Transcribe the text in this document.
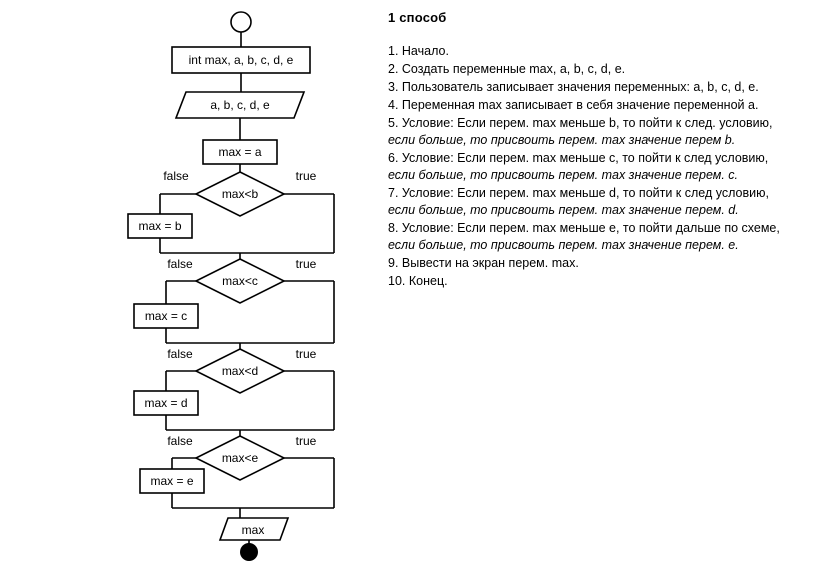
int max, a, b, c, d, e
a, b, c, d, e
max = a
max<b
false	true
max = b
max<c
false	true
max = c
max<d
false	true
max = d
max<e
false	true
max = e
max
1 способ
1. Начало.
2. Создать переменные max, a, b, c, d, e.
3. Пользователь записывает значения переменных: a, b, c, d, e.
4. Переменная max записывает в себя значение переменной a.
5. Условие: Если перем. max меньше b, то пойти к след. условию,
если больше, то присвоить перем. max значение перем b.
6. Условие: Если перем. max меньше c, то пойти к след условию,
если больше, то присвоить перем. max значение перем. c.
7. Условие: Если перем. max меньше d, то пойти к след условию,
если больше, то присвоить перем. max значение перем. d.
8. Условие: Если перем. max меньше e, то пойти дальше по схеме,
если больше, то присвоить перем. max значение перем. e.
9. Вывести на экран перем. max.
10. Конец.
